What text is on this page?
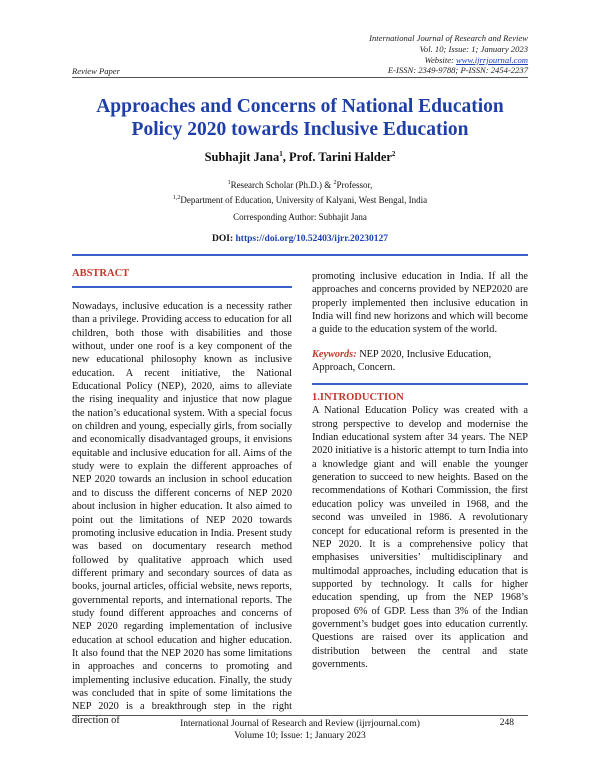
International Journal of Research and Review
Vol. 10; Issue: 1; January 2023
Website: www.ijrrjournal.com
E-ISSN: 2349-9788; P-ISSN: 2454-2237
Review Paper
Approaches and Concerns of National Education
Policy 2020 towards Inclusive Education
Subhajit Jana$^1$, Prof. Tarini Halder$^2$
$^1$Research Scholar (Ph.D.) & $^2$Professor,
$^{1,2}$Department of Education, University of Kalyani, West Bengal, India
Corresponding Author: Subhajit Jana
DOI: https://doi.org/10.52403/ijrr.20230127
ABSTRACT

Nowadays, inclusive education is a necessity rather than a privilege. Providing access to education for all children, both those with disabilities and those without, under one roof is a key component of the new educational philosophy known as inclusive education. A recent initiative, the National Educational Policy (NEP), 2020, aims to alleviate the rising inequality and injustice that now plague the nation’s educational system. With a special focus on children and young, especially girls, from socially and economically disadvantaged groups, it envisions equitable and inclusive education for all. Aims of the study were to explain the different approaches of NEP 2020 towards an inclusion in school education and to discuss the different concerns of NEP 2020 about inclusion in higher education. It also aimed to point out the limitations of NEP 2020 towards promoting inclusive education in India. Present study was based on documentary research method followed by qualitative approach which used different primary and secondary sources of data as books, journal articles, official website, news reports, governmental reports, and international reports. The study found different approaches and concerns of NEP 2020 regarding implementation of inclusive education at school education and higher education. It also found that the NEP 2020 has some limitations in approaches and concerns to promoting and implementing inclusive education. Finally, the study was concluded that in spite of some limitations the NEP 2020 is a breakthrough step in the right direction of

promoting inclusive education in India. If all the approaches and concerns provided by NEP2020 are properly implemented then inclusive education in India will find new horizons and which will become a guide to the education system of the world.

Keywords: NEP 2020, Inclusive Education, Approach, Concern.

1.INTRODUCTION

A National Education Policy was created with a strong perspective to develop and modernise the Indian educational system after 34 years. The NEP 2020 initiative is a historic attempt to turn India into a knowledge giant and will enable the younger generation to succeed to new heights. Based on the recommendations of Kothari Commission, the first education policy was unveiled in 1968, and the second was unveiled in 1986. A revolutionary concept for educational reform is presented in the NEP 2020. It is a comprehensive policy that emphasises universities’ multidisciplinary and multimodal approaches, including education that is supported by technology. It calls for higher education spending, up from the NEP 1968’s proposed 6% of GDP. Less than 3% of the Indian government’s budget goes into education currently. Questions are raised over its application and distribution between the central and state governments.

International Journal of Research and Review (ijrrjournal.com)
Volume 10; Issue: 1; January 2023
248
